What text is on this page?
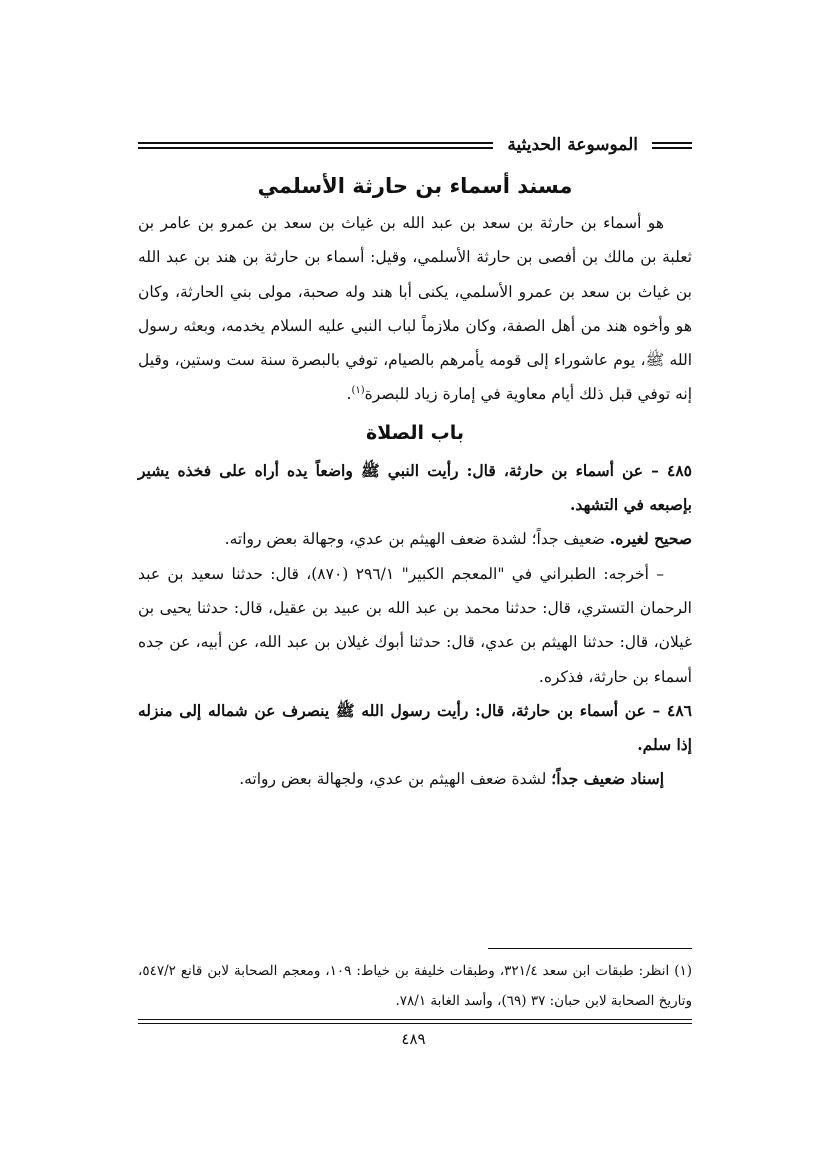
الموسوعة الحديثية
مسند أسماء بن حارثة الأسلمي

هو أسماء بن حارثة بن سعد بن عبد الله بن غياث بن سعد بن عمرو بن عامر بن ثعلبة بن مالك بن أفصى بن حارثة الأسلمي، وقيل: أسماء بن حارثة بن هند بن عبد الله بن غياث بن سعد بن عمرو الأسلمي، يكنى أبا هند وله صحبة، مولى بني الحارثة، وكان هو وأخوه هند من أهل الصفة، وكان ملازماً لباب النبي عليه السلام يخدمه، وبعثه رسول الله ﷺ، يوم عاشوراء إلى قومه يأمرهم بالصيام، توفي بالبصرة سنة ست وستين، وقيل إنه توفي قبل ذلك أيام معاوية في إمارة زياد للبصرة$^{(١)}$.

باب الصلاة

٤٨٥ – عن أسماء بن حارثة، قال: رأيت النبي ﷺ واضعاً يده أراه على فخذه يشير بإصبعه في التشهد.

صحيح لغيره. ضعيف جداً؛ لشدة ضعف الهيثم بن عدي، وجهالة بعض رواته.

– أخرجه: الطبراني في "المعجم الكبير" ٢٩٦/١ (٨٧٠)، قال: حدثنا سعيد بن عبد الرحمان التستري، قال: حدثنا محمد بن عبد الله بن عبيد بن عقيل، قال: حدثنا يحيى بن غيلان، قال: حدثنا الهيثم بن عدي، قال: حدثنا أبوك غيلان بن عبد الله، عن أبيه، عن جده أسماء بن حارثة، فذكره.

٤٨٦ – عن أسماء بن حارثة، قال: رأيت رسول الله ﷺ ينصرف عن شماله إلى منزله إذا سلم.

إسناد ضعيف جداً؛ لشدة ضعف الهيثم بن عدي، ولجهالة بعض رواته.

(١) انظر: طبقات ابن سعد ٣٢١/٤، وطبقات خليفة بن خياط: ١٠٩، ومعجم الصحابة لابن قانع ٥٤٧/٢، وتاريخ الصحابة لابن حبان: ٣٧ (٦٩)، وأسد الغابة ٧٨/١.
٤٨٩
